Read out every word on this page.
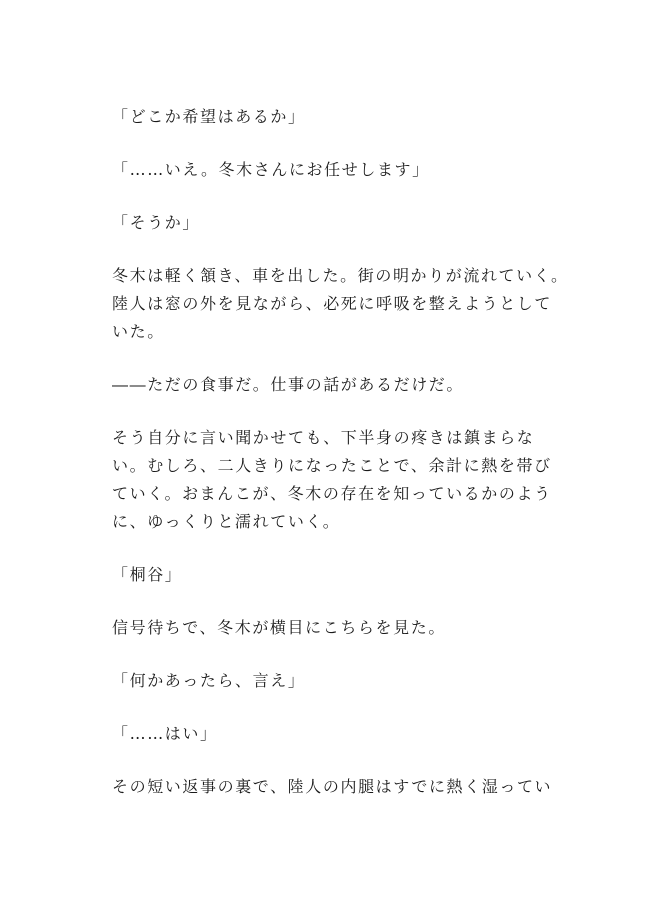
「どこか希望はあるか」
「……いえ。冬木さんにお任せします」
「そうか」
冬木は軽く頷き、車を出した。街の明かりが流れていく。
陸人は窓の外を見ながら、必死に呼吸を整えようとして
いた。
――ただの食事だ。仕事の話があるだけだ。
そう自分に言い聞かせても、下半身の疼きは鎮まらな
い。むしろ、二人きりになったことで、余計に熱を帯び
ていく。おまんこが、冬木の存在を知っているかのよう
に、ゆっくりと濡れていく。
「桐谷」
信号待ちで、冬木が横目にこちらを見た。
「何かあったら、言え」
「……はい」
その短い返事の裏で、陸人の内腿はすでに熱く湿ってい
